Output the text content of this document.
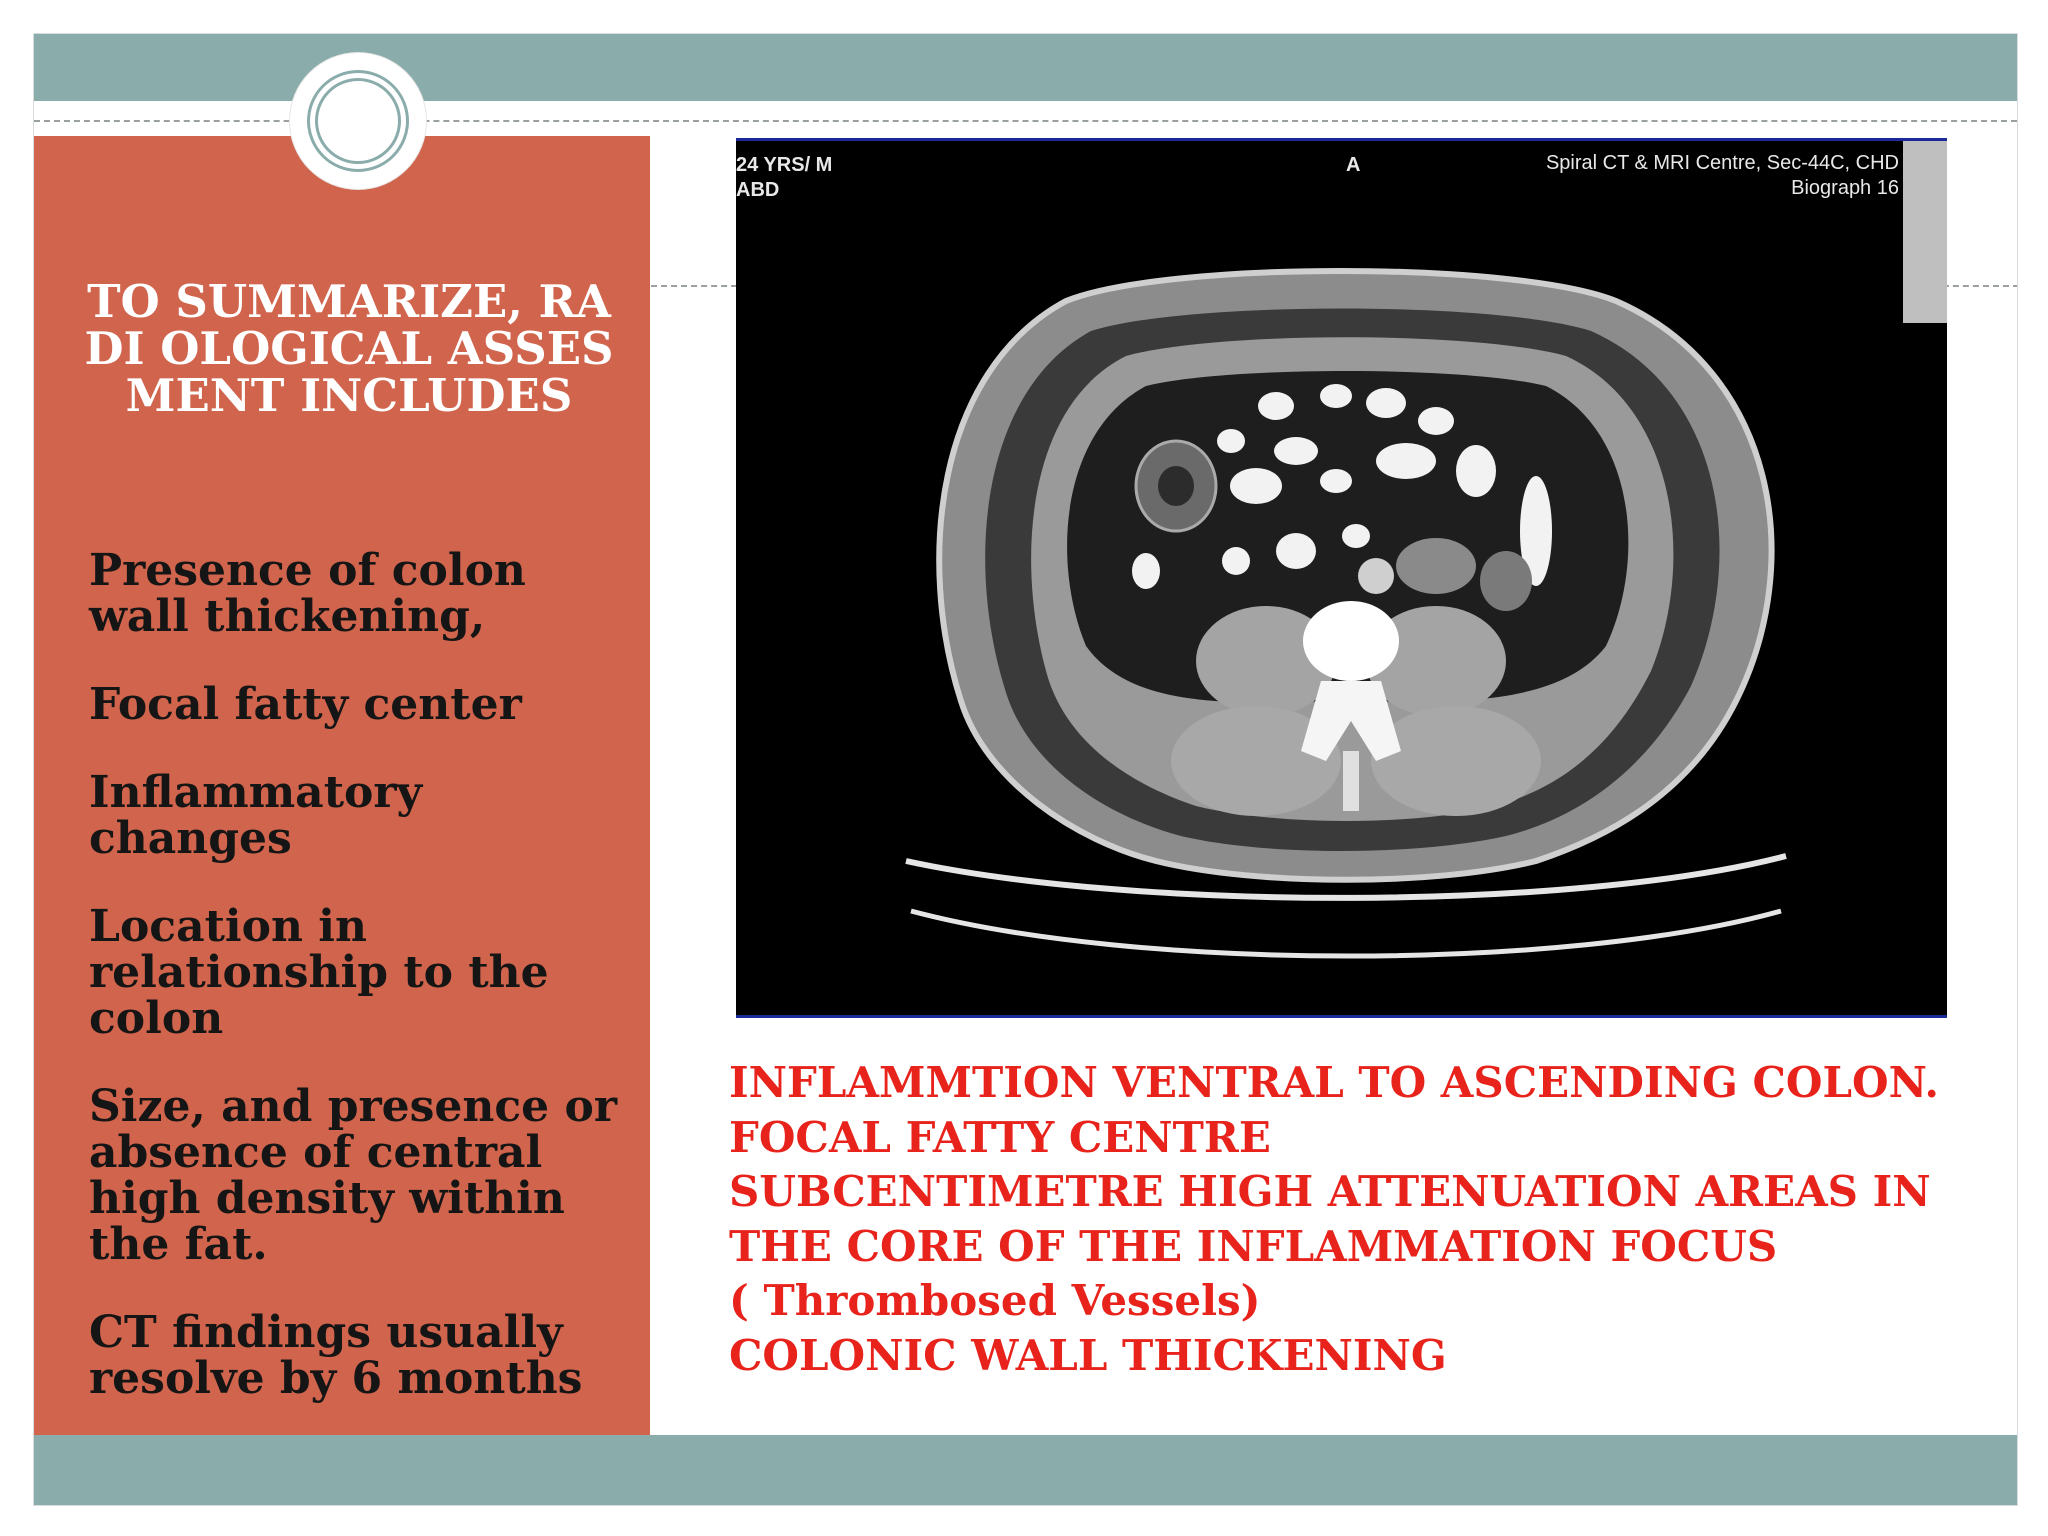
TO SUMMARIZE, RADI OLOGICAL ASSESMENT INCLUDES
Presence of colon wall thickening,
Focal fatty center
Inflammatory changes
Location in relationship to the colon
Size, and presence or absence of central high density within the fat.
CT findings usually resolve by 6 months
24 YRS/ M
ABD
A	Spiral CT & MRI Centre, Sec-44C, CHD
Biograph 16
INFLAMMTION VENTRAL TO ASCENDING COLON.
FOCAL FATTY CENTRE
SUBCENTIMETRE HIGH ATTENUATION AREAS IN
THE CORE OF THE INFLAMMATION FOCUS
( Thrombosed Vessels)
COLONIC WALL THICKENING
